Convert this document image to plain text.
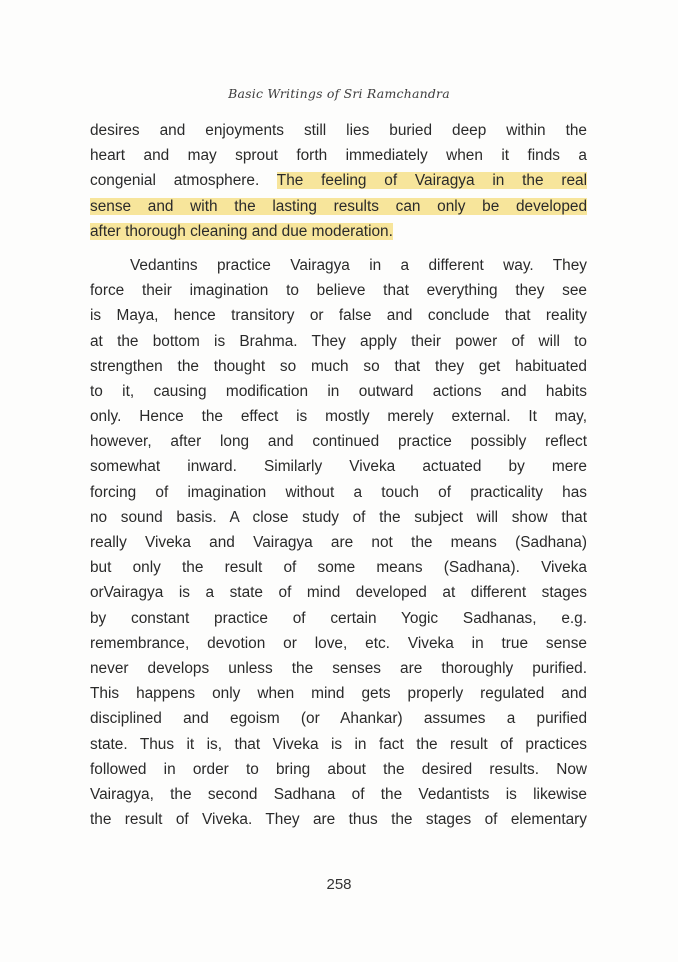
Basic Writings of Sri Ramchandra
desires and enjoyments still lies buried deep within the
heart and may sprout forth immediately when it finds a
congenial atmosphere. The feeling of Vairagya in the real
sense and with the lasting results can only be developed
after thorough cleaning and due moderation.
Vedantins practice Vairagya in a different way. They
force their imagination to believe that everything they see
is Maya, hence transitory or false and conclude that reality
at the bottom is Brahma. They apply their power of will to
strengthen the thought so much so that they get habituated
to it, causing modification in outward actions and habits
only. Hence the effect is mostly merely external. It may,
however, after long and continued practice possibly reflect
somewhat inward. Similarly Viveka actuated by mere
forcing of imagination without a touch of practicality has
no sound basis. A close study of the subject will show that
really Viveka and Vairagya are not the means (Sadhana)
but only the result of some means (Sadhana). Viveka
orVairagya is a state of mind developed at different stages
by constant practice of certain Yogic Sadhanas, e.g.
remembrance, devotion or love, etc. Viveka in true sense
never develops unless the senses are thoroughly purified.
This happens only when mind gets properly regulated and
disciplined and egoism (or Ahankar) assumes a purified
state. Thus it is, that Viveka is in fact the result of practices
followed in order to bring about the desired results. Now
Vairagya, the second Sadhana of the Vedantists is likewise
the result of Viveka. They are thus the stages of elementary
258
